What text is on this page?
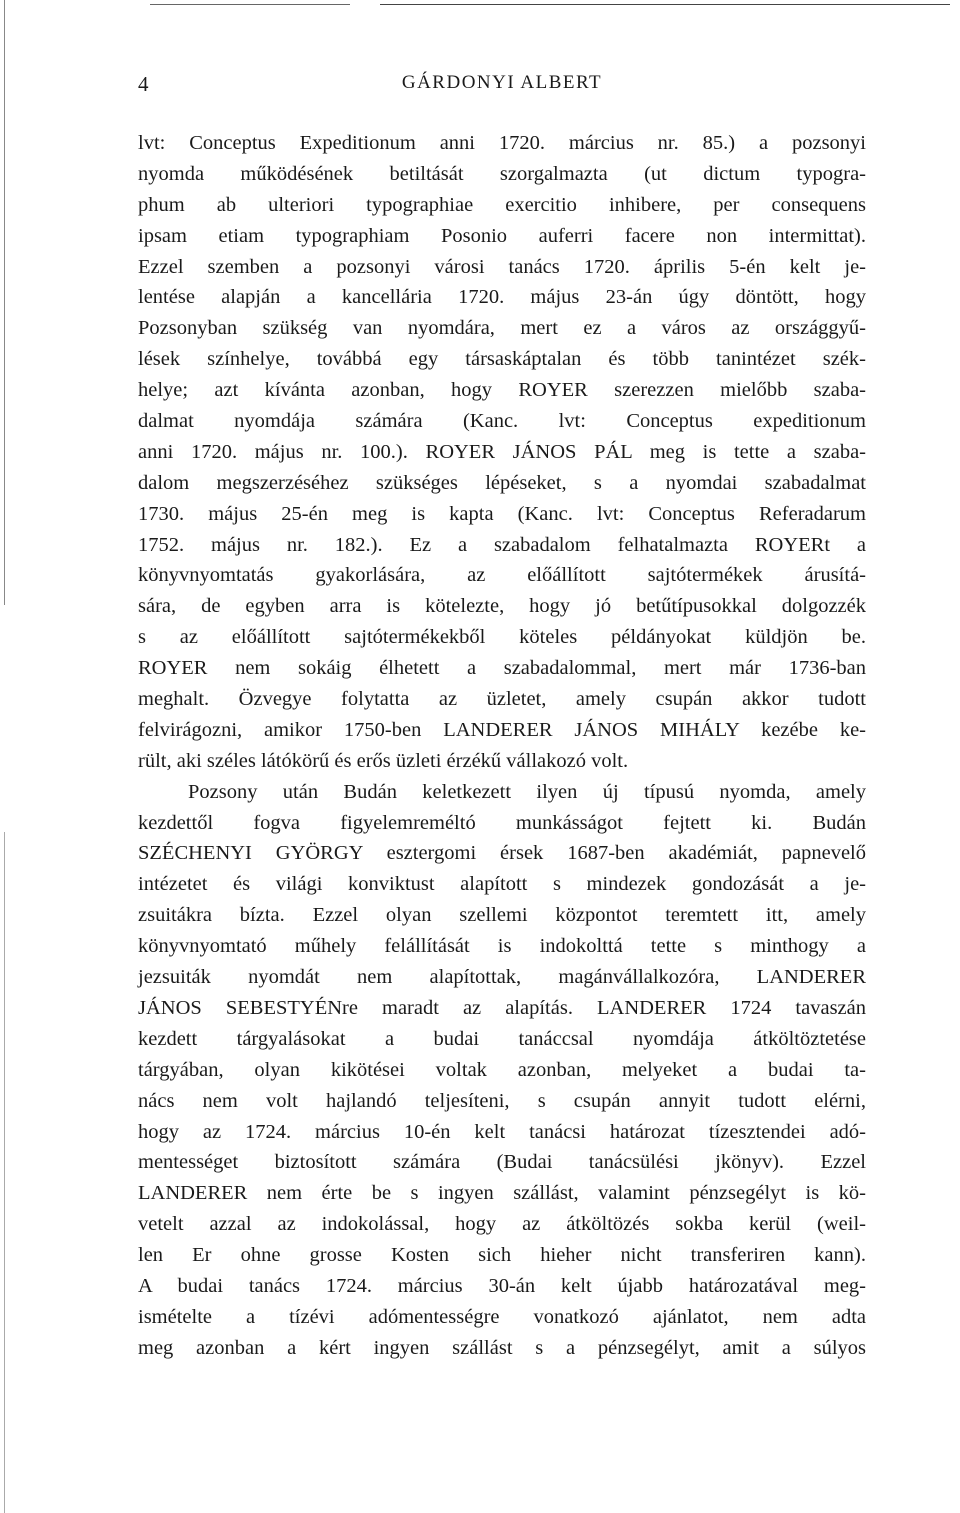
4	GÁRDONYI ALBERT
lvt: Conceptus Expeditionum anni 1720. március nr. 85.) a pozsonyi
nyomda működésének betiltását szorgalmazta (ut dictum typogra-
phum ab ulteriori typographiae exercitio inhibere, per consequens
ipsam etiam typographiam Posonio auferri facere non intermittat).
Ezzel szemben a pozsonyi városi tanács 1720. április 5-én kelt je-
lentése alapján a kancellária 1720. május 23-án úgy döntött, hogy
Pozsonyban szükség van nyomdára, mert ez a város az országgyű-
lések színhelye, továbbá egy társaskáptalan és több tanintézet szék-
helye; azt kívánta azonban, hogy ROYER szerezzen mielőbb szaba-
dalmat nyomdája számára (Kanc. lvt: Conceptus expeditionum
anni 1720. május nr. 100.). ROYER JÁNOS PÁL meg is tette a szaba-
dalom megszerzéséhez szükséges lépéseket, s a nyomdai szabadalmat
1730. május 25-én meg is kapta (Kanc. lvt: Conceptus Referadarum
1752. május nr. 182.). Ez a szabadalom felhatalmazta ROYERt a
könyvnyomtatás gyakorlására, az előállított sajtótermékek árusítá-
sára, de egyben arra is kötelezte, hogy jó betűtípusokkal dolgozzék
s az előállított sajtótermékekből köteles példányokat küldjön be.
ROYER nem sokáig élhetett a szabadalommal, mert már 1736-ban
meghalt. Özvegye folytatta az üzletet, amely csupán akkor tudott
felvirágozni, amikor 1750-ben LANDERER JÁNOS MIHÁLY kezébe ke-
rült, aki széles látókörű és erős üzleti érzékű vállakozó volt.
Pozsony után Budán keletkezett ilyen új típusú nyomda, amely
kezdettől fogva figyelemreméltó munkásságot fejtett ki. Budán
SZÉCHENYI GYÖRGY esztergomi érsek 1687-ben akadémiát, papnevelő
intézetet és világi konviktust alapított s mindezek gondozását a je-
zsuitákra bízta. Ezzel olyan szellemi központot teremtett itt, amely
könyvnyomtató műhely felállítását is indokolttá tette s minthogy a
jezsuiták nyomdát nem alapítottak, magánvállalkozóra, LANDERER
JÁNOS SEBESTYÉNre maradt az alapítás. LANDERER 1724 tavaszán
kezdett tárgyalásokat a budai tanáccsal nyomdája átköltöztetése
tárgyában, olyan kikötései voltak azonban, melyeket a budai ta-
nács nem volt hajlandó teljesíteni, s csupán annyit tudott elérni,
hogy az 1724. március 10-én kelt tanácsi határozat tízesztendei adó-
mentességet biztosított számára (Budai tanácsülési jkönyv). Ezzel
LANDERER nem érte be s ingyen szállást, valamint pénzsegélyt is kö-
vetelt azzal az indokolással, hogy az átköltözés sokba kerül (weil-
len Er ohne grosse Kosten sich hieher nicht transferiren kann).
A budai tanács 1724. március 30-án kelt újabb határozatával meg-
ismételte a tízévi adómentességre vonatkozó ajánlatot, nem adta
meg azonban a kért ingyen szállást s a pénzsegélyt, amit a súlyos
